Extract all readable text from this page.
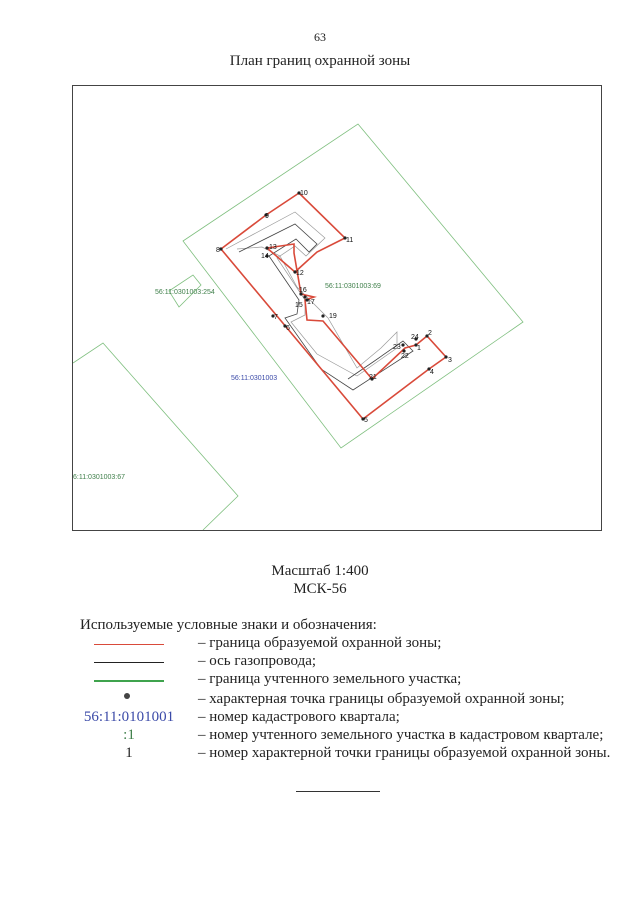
63
План границ охранной зоны
1
2
3
4
5
6
7
8
9
10
11
12
13
14
15
16
17
19
21
22
23
24
56:11:0301003:254
56:11:0301003:69
56:11:0301003
6:11:0301003:67
Масштаб 1:400
МСК-56
Используемые условные знаки и обозначения:
– граница образуемой охранной зоны;
– ось газопровода;
– граница учтенного земельного участка;
– характерная точка границы образуемой охранной зоны;
56:11:0101001 – номер кадастрового квартала;
:1	– номер учтенного земельного участка в кадастровом квартале;
1	– номер характерной точки границы образуемой охранной зоны.
